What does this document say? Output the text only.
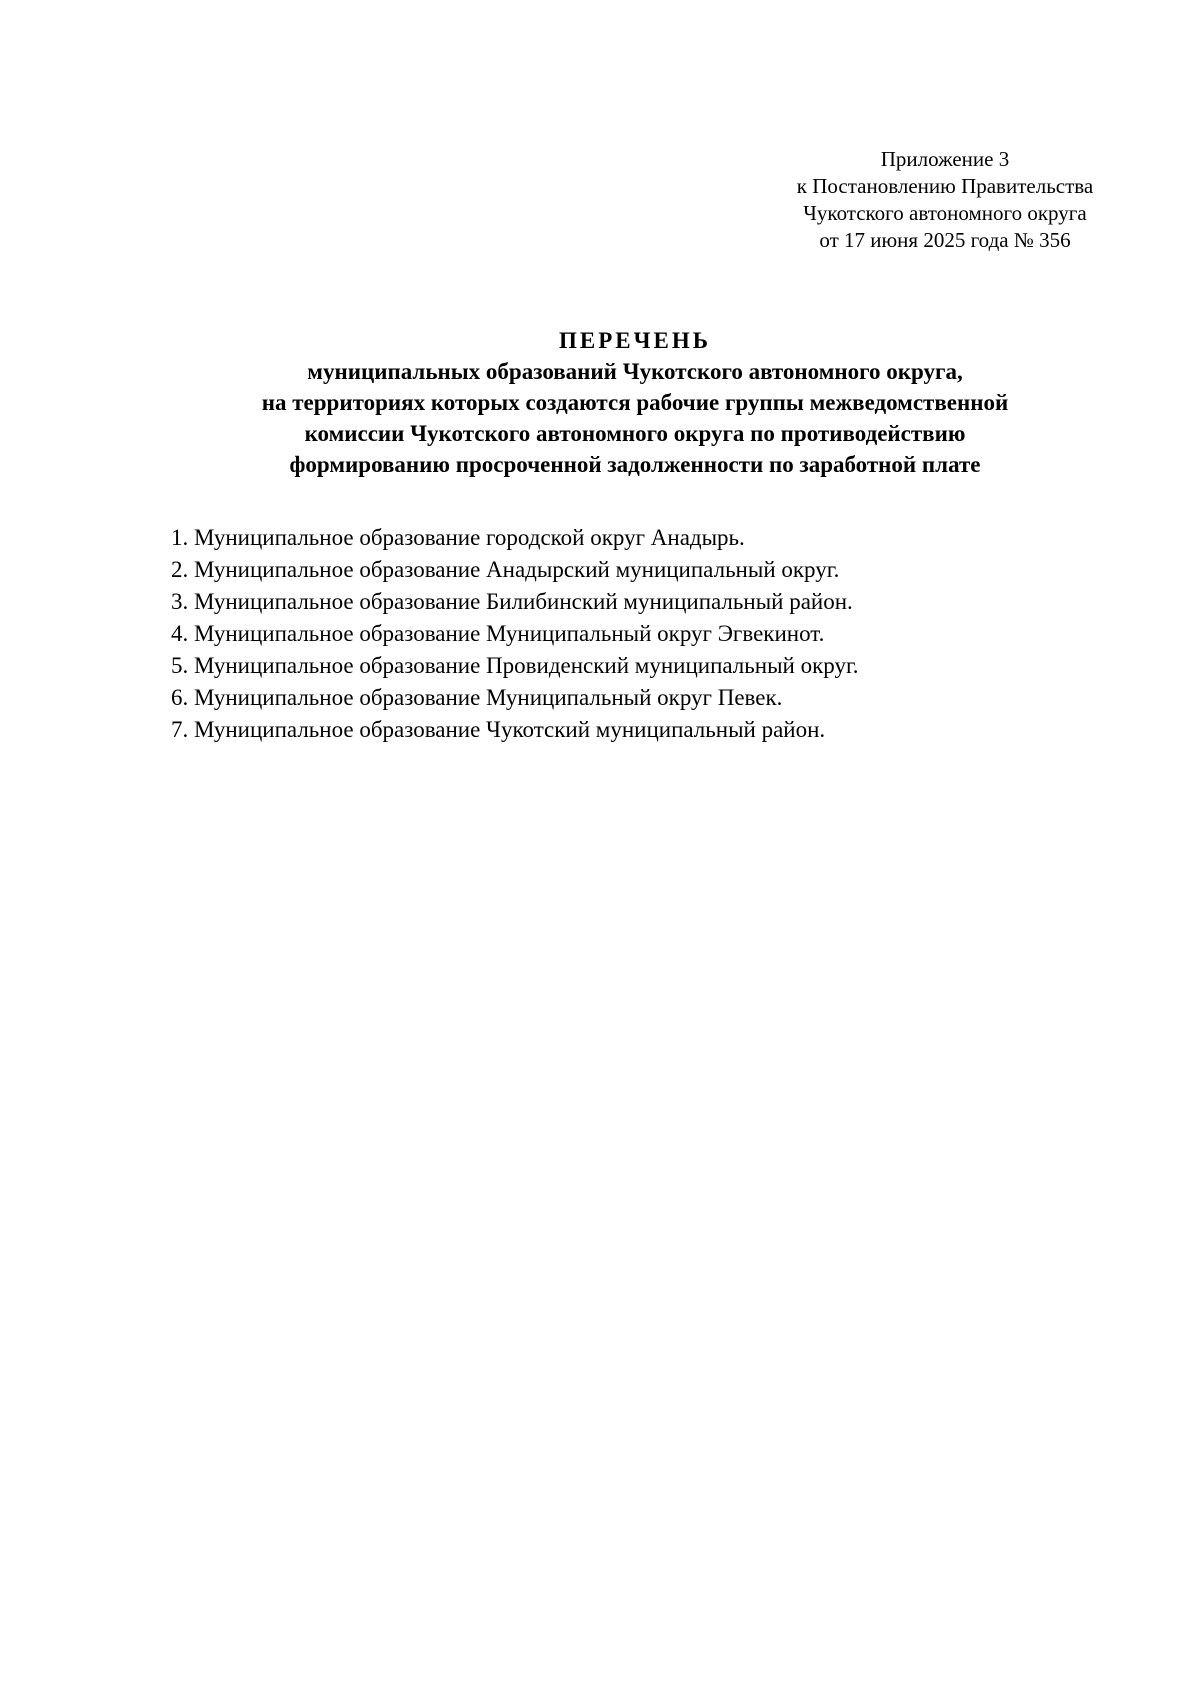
Приложение 3
к Постановлению Правительства
Чукотского автономного округа
от 17 июня 2025 года № 356
ПЕРЕЧЕНЬ
муниципальных образований Чукотского автономного округа,
на территориях которых создаются рабочие группы межведомственной
комиссии Чукотского автономного округа по противодействию
формированию просроченной задолженности по заработной плате
1. Муниципальное образование городской округ Анадырь.
2. Муниципальное образование Анадырский муниципальный округ.
3. Муниципальное образование Билибинский муниципальный район.
4. Муниципальное образование Муниципальный округ Эгвекинот.
5. Муниципальное образование Провиденский муниципальный округ.
6. Муниципальное образование Муниципальный округ Певек.
7. Муниципальное образование Чукотский муниципальный район.
